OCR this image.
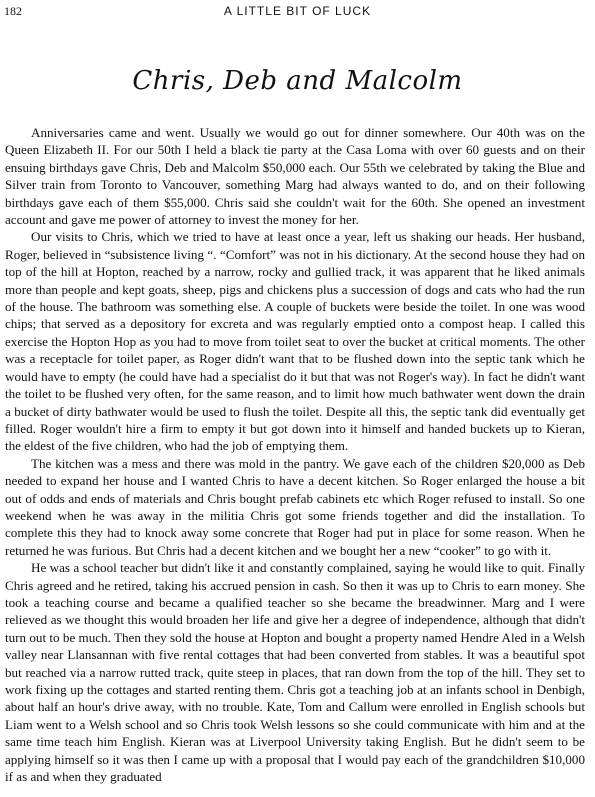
182	A LITTLE BIT OF LUCK
Chris, Deb and Malcolm

Anniversaries came and went. Usually we would go out for dinner somewhere. Our 40th was on the Queen Elizabeth II. For our 50th I held a black tie party at the Casa Loma with over 60 guests and on their ensuing birthdays gave Chris, Deb and Malcolm $50,000 each. Our 55th we celebrated by taking the Blue and Silver train from Toronto to Vancouver, something Marg had always wanted to do, and on their following birthdays gave each of them $55,000. Chris said she couldn't wait for the 60th. She opened an investment account and gave me power of attorney to invest the money for her.

Our visits to Chris, which we tried to have at least once a year, left us shaking our heads. Her husband, Roger, believed in “subsistence living “. “Comfort” was not in his dictionary. At the second house they had on top of the hill at Hopton, reached by a narrow, rocky and gullied track, it was apparent that he liked animals more than people and kept goats, sheep, pigs and chickens plus a succession of dogs and cats who had the run of the house. The bathroom was something else. A couple of buckets were beside the toilet. In one was wood chips; that served as a depository for excreta and was regularly emptied onto a compost heap. I called this exercise the Hopton Hop as you had to move from toilet seat to over the bucket at critical moments. The other was a receptacle for toilet paper, as Roger didn't want that to be flushed down into the septic tank which he would have to empty (he could have had a specialist do it but that was not Roger's way). In fact he didn't want the toilet to be flushed very often, for the same reason, and to limit how much bathwater went down the drain a bucket of dirty bathwater would be used to flush the toilet. Despite all this, the septic tank did eventually get filled. Roger wouldn't hire a firm to empty it but got down into it himself and handed buckets up to Kieran, the eldest of the five children, who had the job of emptying them.

The kitchen was a mess and there was mold in the pantry. We gave each of the children $20,000 as Deb needed to expand her house and I wanted Chris to have a decent kitchen. So Roger enlarged the house a bit out of odds and ends of materials and Chris bought prefab cabinets etc which Roger refused to install. So one weekend when he was away in the militia Chris got some friends together and did the installation. To complete this they had to knock away some concrete that Roger had put in place for some reason. When he returned he was furious. But Chris had a decent kitchen and we bought her a new “cooker” to go with it.

He was a school teacher but didn't like it and constantly complained, saying he would like to quit. Finally Chris agreed and he retired, taking his accrued pension in cash. So then it was up to Chris to earn money. She took a teaching course and became a qualified teacher so she became the breadwinner. Marg and I were relieved as we thought this would broaden her life and give her a degree of independence, although that didn't turn out to be much. Then they sold the house at Hopton and bought a property named Hendre Aled in a Welsh valley near Llansannan with five rental cottages that had been converted from stables. It was a beautiful spot but reached via a narrow rutted track, quite steep in places, that ran down from the top of the hill. They set to work fixing up the cottages and started renting them. Chris got a teaching job at an infants school in Denbigh, about half an hour's drive away, with no trouble. Kate, Tom and Callum were enrolled in English schools but Liam went to a Welsh school and so Chris took Welsh lessons so she could communicate with him and at the same time teach him English. Kieran was at Liverpool University taking English. But he didn't seem to be applying himself so it was then I came up with a proposal that I would pay each of the grandchildren $10,000 if as and when they graduated
